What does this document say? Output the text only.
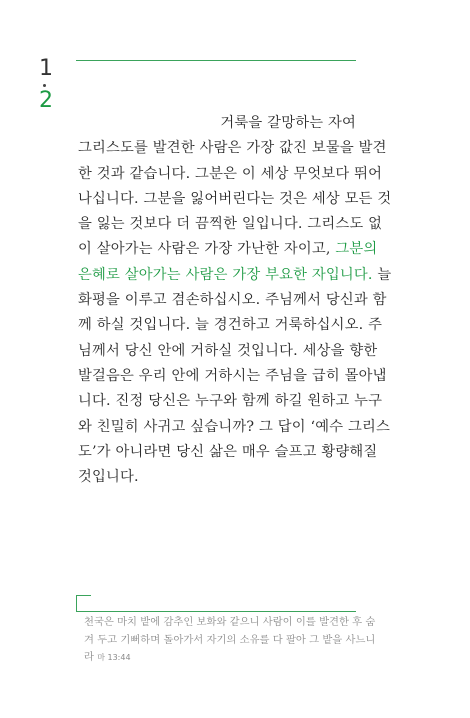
1
2
거룩을 갈망하는 자여
그리스도를 발견한 사람은 가장 값진 보물을 발견
한 것과 같습니다. 그분은 이 세상 무엇보다 뛰어
나십니다. 그분을 잃어버린다는 것은 세상 모든 것
을 잃는 것보다 더 끔찍한 일입니다. 그리스도 없
이 살아가는 사람은 가장 가난한 자이고, 그분의
은혜로 살아가는 사람은 가장 부요한 자입니다. 늘
화평을 이루고 겸손하십시오. 주님께서 당신과 함
께 하실 것입니다. 늘 경건하고 거룩하십시오. 주
님께서 당신 안에 거하실 것입니다. 세상을 향한
발걸음은 우리 안에 거하시는 주님을 급히 몰아냅
니다. 진정 당신은 누구와 함께 하길 원하고 누구
와 친밀히 사귀고 싶습니까? 그 답이 ‘예수 그리스
도’가 아니라면 당신 삶은 매우 슬프고 황량해질
것입니다.
천국은 마치 밭에 감추인 보화와 같으니 사람이 이를 발견한 후 숨
겨 두고 기뻐하며 돌아가서 자기의 소유를 다 팔아 그 밭을 사느니
라 마 13:44
